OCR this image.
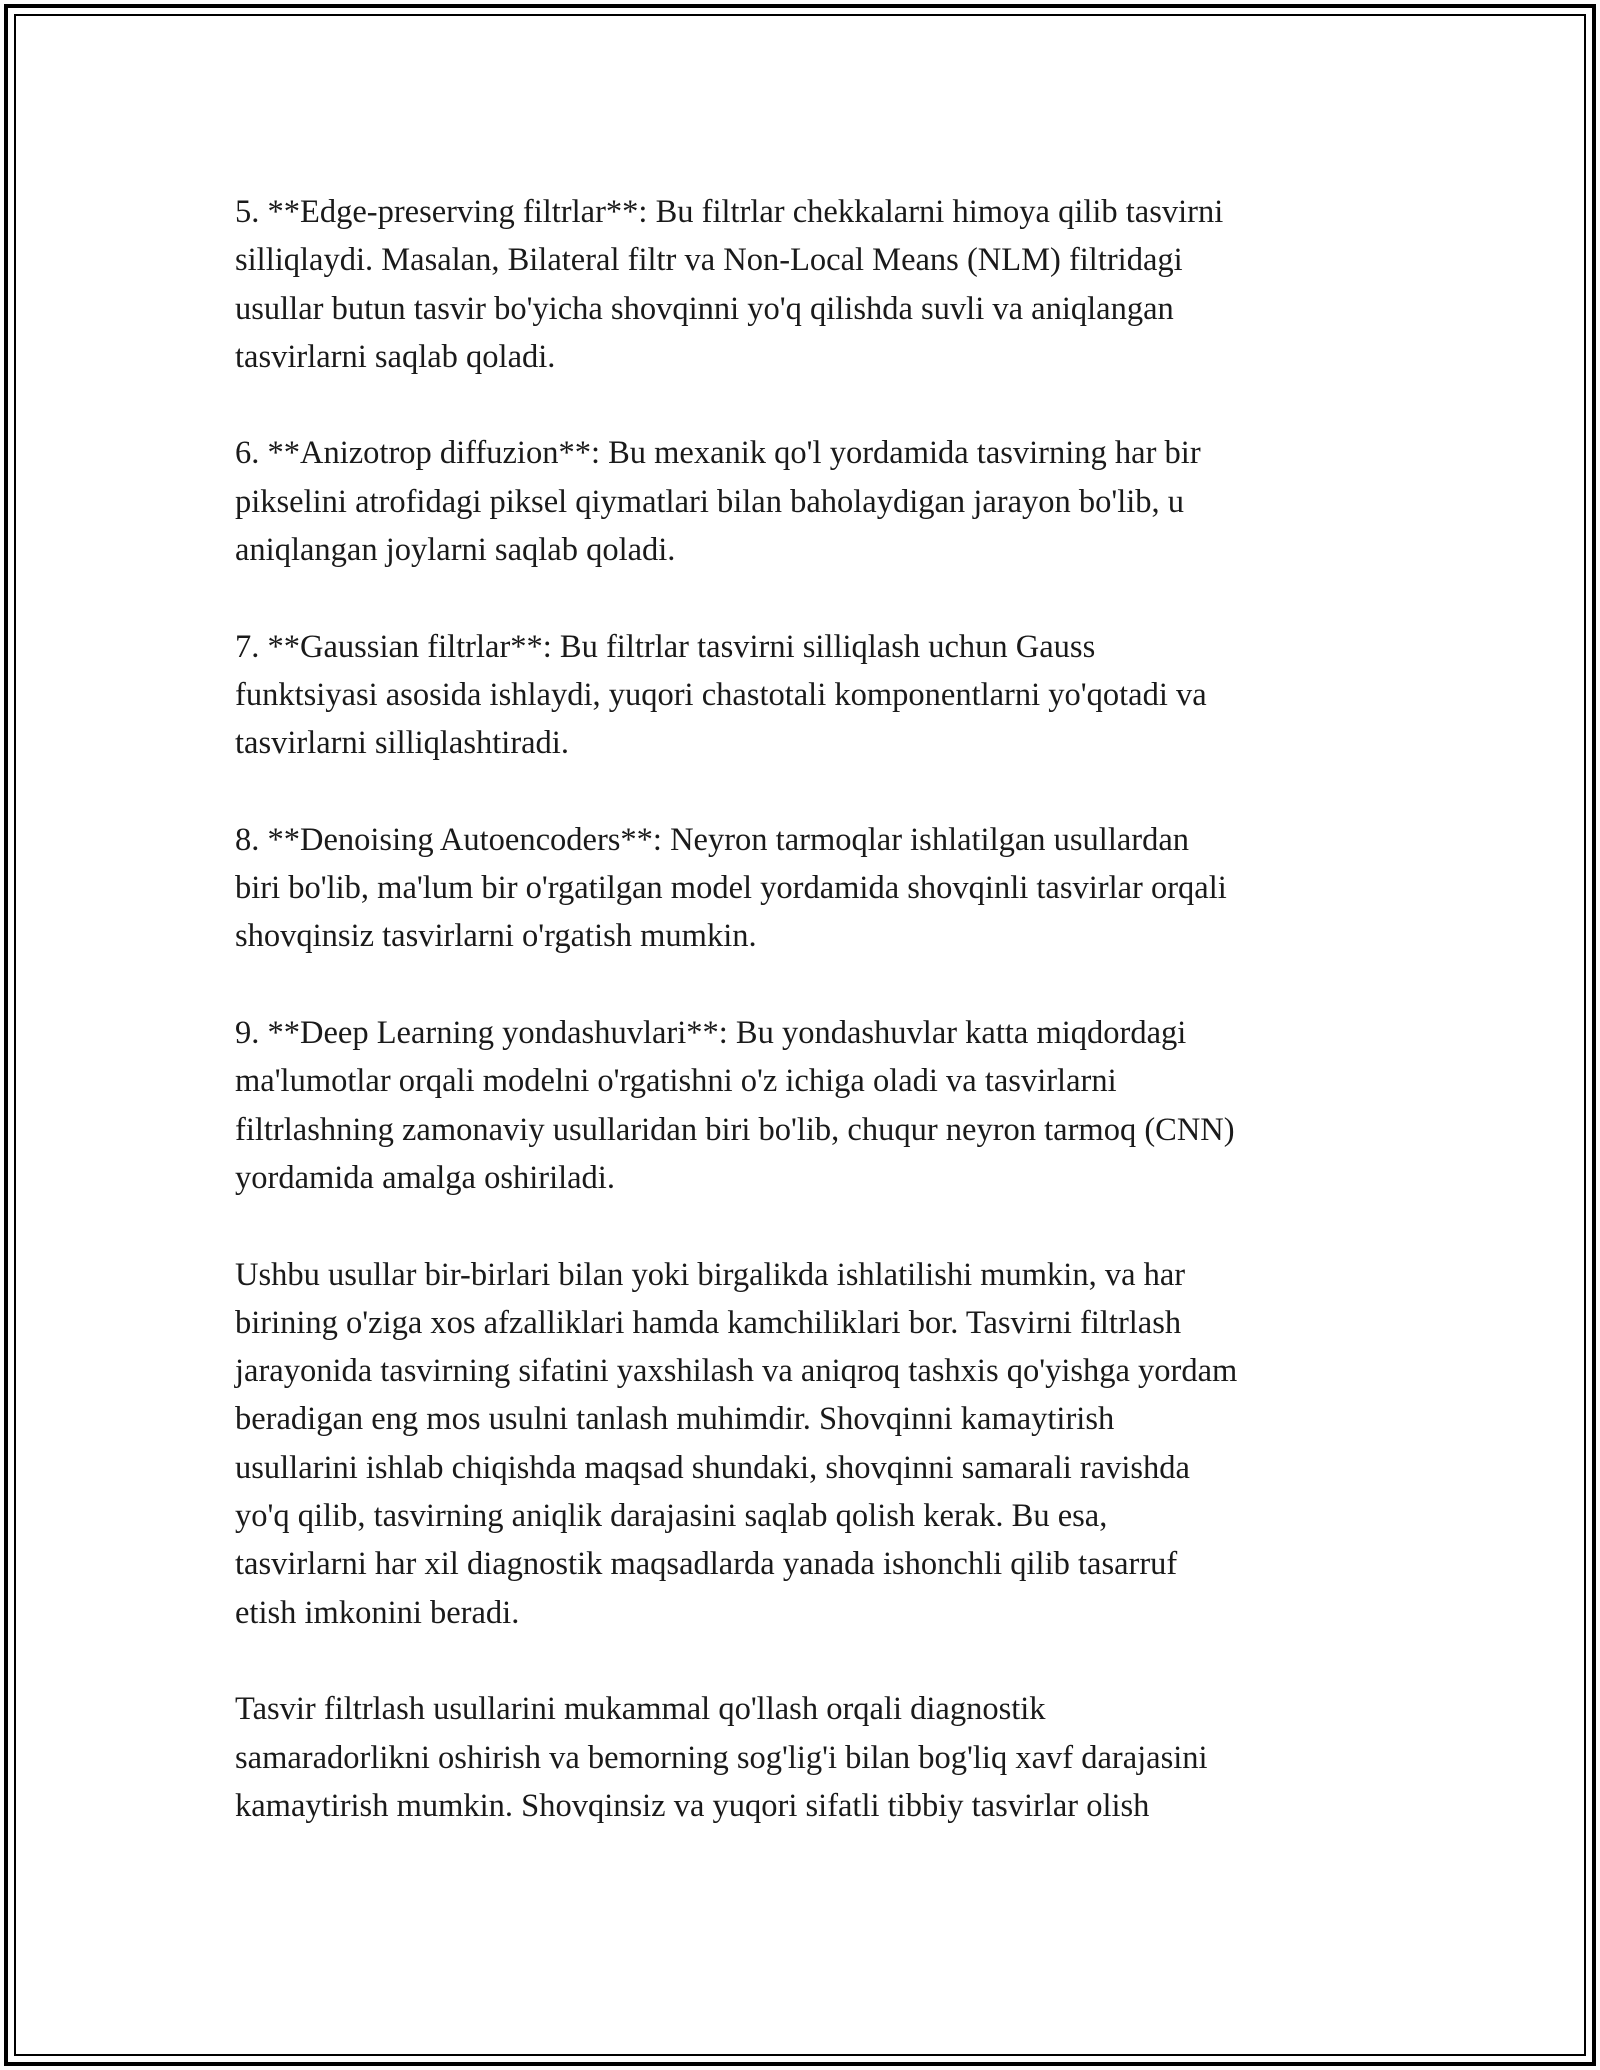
5. **Edge-preserving filtrlar**: Bu filtrlar chekkalarni himoya qilib tasvirni
silliqlaydi. Masalan, Bilateral filtr va Non-Local Means (NLM) filtridagi
usullar butun tasvir bo'yicha shovqinni yo'q qilishda suvli va aniqlangan
tasvirlarni saqlab qoladi.

6. **Anizotrop diffuzion**: Bu mexanik qo'l yordamida tasvirning har bir
pikselini atrofidagi piksel qiymatlari bilan baholaydigan jarayon bo'lib, u
aniqlangan joylarni saqlab qoladi.

7. **Gaussian filtrlar**: Bu filtrlar tasvirni silliqlash uchun Gauss
funktsiyasi asosida ishlaydi, yuqori chastotali komponentlarni yo'qotadi va
tasvirlarni silliqlashtiradi.

8. **Denoising Autoencoders**: Neyron tarmoqlar ishlatilgan usullardan
biri bo'lib, ma'lum bir o'rgatilgan model yordamida shovqinli tasvirlar orqali
shovqinsiz tasvirlarni o'rgatish mumkin.

9. **Deep Learning yondashuvlari**: Bu yondashuvlar katta miqdordagi
ma'lumotlar orqali modelni o'rgatishni o'z ichiga oladi va tasvirlarni
filtrlashning zamonaviy usullaridan biri bo'lib, chuqur neyron tarmoq (CNN)
yordamida amalga oshiriladi.

Ushbu usullar bir-birlari bilan yoki birgalikda ishlatilishi mumkin, va har
birining o'ziga xos afzalliklari hamda kamchiliklari bor. Tasvirni filtrlash
jarayonida tasvirning sifatini yaxshilash va aniqroq tashxis qo'yishga yordam
beradigan eng mos usulni tanlash muhimdir. Shovqinni kamaytirish
usullarini ishlab chiqishda maqsad shundaki, shovqinni samarali ravishda
yo'q qilib, tasvirning aniqlik darajasini saqlab qolish kerak. Bu esa,
tasvirlarni har xil diagnostik maqsadlarda yanada ishonchli qilib tasarruf
etish imkonini beradi.

Tasvir filtrlash usullarini mukammal qo'llash orqali diagnostik
samaradorlikni oshirish va bemorning sog'lig'i bilan bog'liq xavf darajasini
kamaytirish mumkin. Shovqinsiz va yuqori sifatli tibbiy tasvirlar olish
